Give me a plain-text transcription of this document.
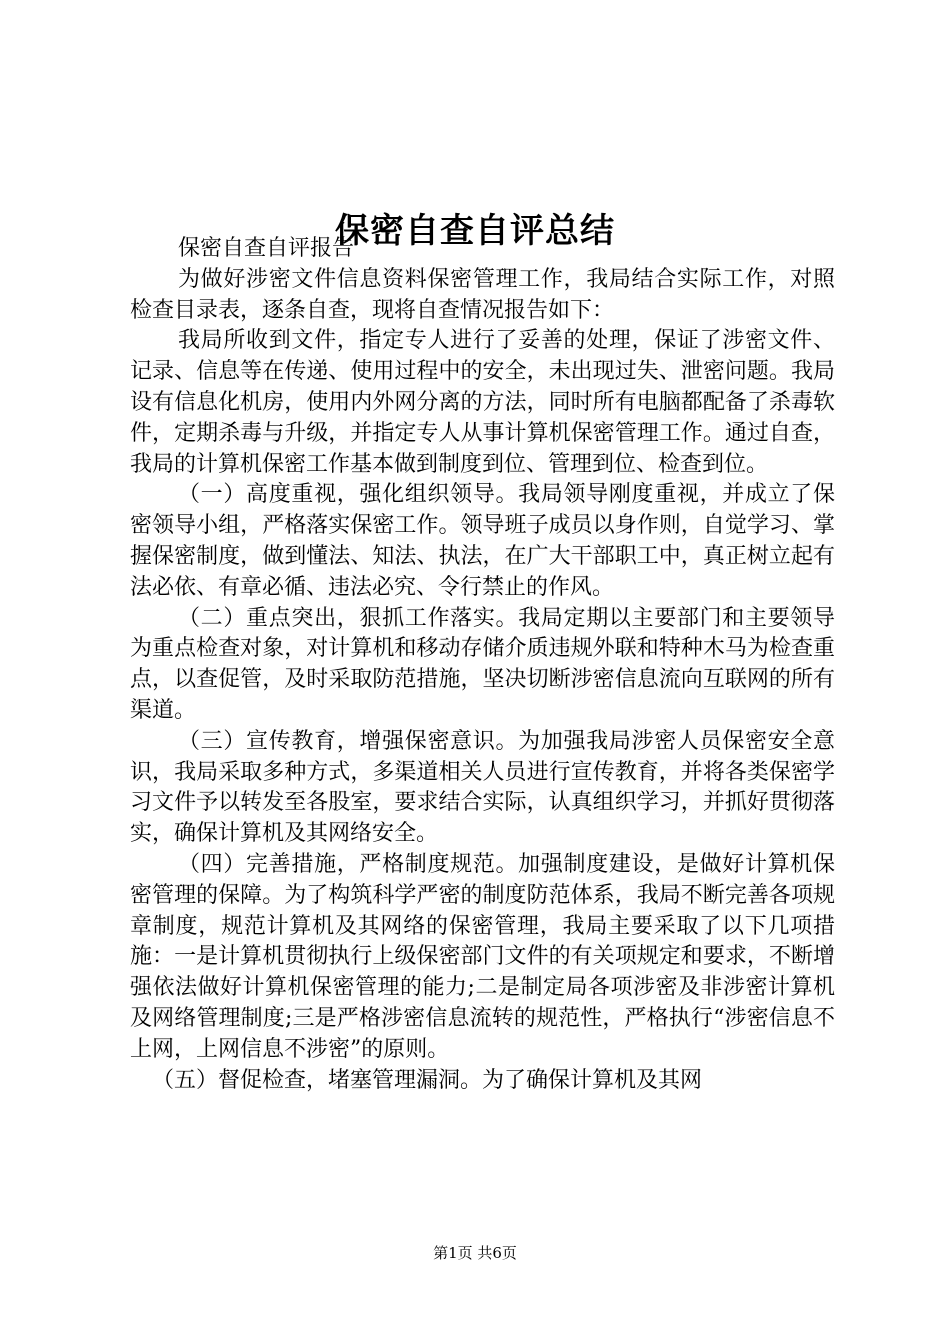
保密自查自评总结

保密自查自评报告

为做好涉密文件信息资料保密管理工作，我局结合实际工作，对照检查目录表，逐条自查，现将自查情况报告如下：

我局所收到文件，指定专人进行了妥善的处理，保证了涉密文件、记录、信息等在传递、使用过程中的安全，未出现过失、泄密问题。我局设有信息化机房，使用内外网分离的方法，同时所有电脑都配备了杀毒软件，定期杀毒与升级，并指定专人从事计算机保密管理工作。通过自查，我局的计算机保密工作基本做到制度到位、管理到位、检查到位。

（一）高度重视，强化组织领导。我局领导刚度重视，并成立了保密领导小组，严格落实保密工作。领导班子成员以身作则，自觉学习、掌握保密制度，做到懂法、知法、执法，在广大干部职工中，真正树立起有法必依、有章必循、违法必究、令行禁止的作风。

（二）重点突出，狠抓工作落实。我局定期以主要部门和主要领导为重点检查对象，对计算机和移动存储介质违规外联和特种木马为检查重点，以查促管，及时采取防范措施，坚决切断涉密信息流向互联网的所有渠道。

（三）宣传教育，增强保密意识。为加强我局涉密人员保密安全意识，我局采取多种方式，多渠道相关人员进行宣传教育，并将各类保密学习文件予以转发至各股室，要求结合实际，认真组织学习，并抓好贯彻落实，确保计算机及其网络安全。

（四）完善措施，严格制度规范。加强制度建设，是做好计算机保密管理的保障。为了构筑科学严密的制度防范体系，我局不断完善各项规章制度，规范计算机及其网络的保密管理，我局主要采取了以下几项措施：一是计算机贯彻执行上级保密部门文件的有关项规定和要求，不断增强依法做好计算机保密管理的能力;二是制定局各项涉密及非涉密计算机及网络管理制度;三是严格涉密信息流转的规范性，严格执行“涉密信息不上网，上网信息不涉密”的原则。

（五）督促检查，堵塞管理漏洞。为了确保计算机及其网

第1页 共6页
